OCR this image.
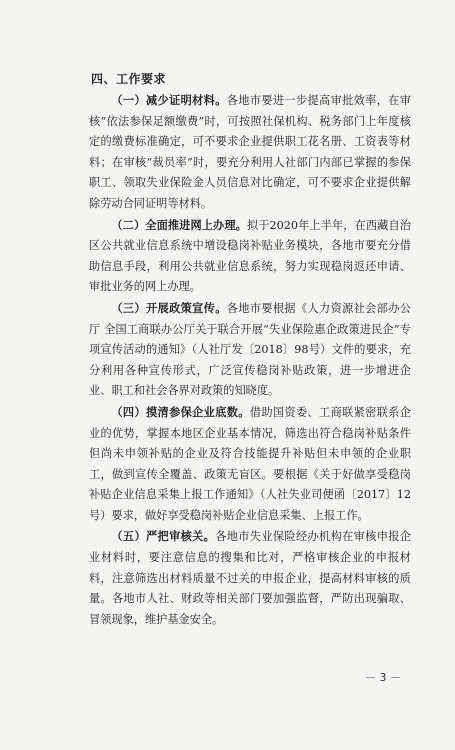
四、工作要求

（一）减少证明材料。各地市要进一步提高审批效率，在审核“依法参保足额缴费”时，可按照社保机构、税务部门上年度核定的缴费标准确定，可不要求企业提供职工花名册、工资表等材料；在审核“裁员率”时，要充分利用人社部门内部已掌握的参保职工、领取失业保险金人员信息对比确定，可不要求企业提供解除劳动合同证明等材料。

（二）全面推进网上办理。拟于2020年上半年，在西藏自治区公共就业信息系统中增设稳岗补贴业务模块，各地市要充分借助信息手段，利用公共就业信息系统，努力实现稳岗返还申请、审批业务的网上办理。

（三）开展政策宣传。各地市要根据《人力资源社会部办公厅 全国工商联办公厅关于联合开展“失业保险惠企政策进民企”专项宣传活动的通知》（人社厅发〔2018〕98号）文件的要求，充分利用各种宣传形式，广泛宣传稳岗补贴政策，进一步增进企业、职工和社会各界对政策的知晓度。

（四）摸清参保企业底数。借助国资委、工商联紧密联系企业的优势，掌握本地区企业基本情况，筛选出符合稳岗补贴条件但尚未申领补贴的企业及符合技能提升补贴但未申领的企业职工，做到宣传全覆盖、政策无盲区。要根据《关于好做享受稳岗补贴企业信息采集上报工作通知》（人社失业司便函〔2017〕12号）要求，做好享受稳岗补贴企业信息采集、上报工作。

（五）严把审核关。各地市失业保险经办机构在审核申报企业材料时，要注意信息的搜集和比对，严格审核企业的申报材料，注意筛选出材料质量不过关的申报企业，提高材料审核的质量。各地市人社、财政等相关部门要加强监督，严防出现骗取、冒领现象，维护基金安全。

－ 3 －
